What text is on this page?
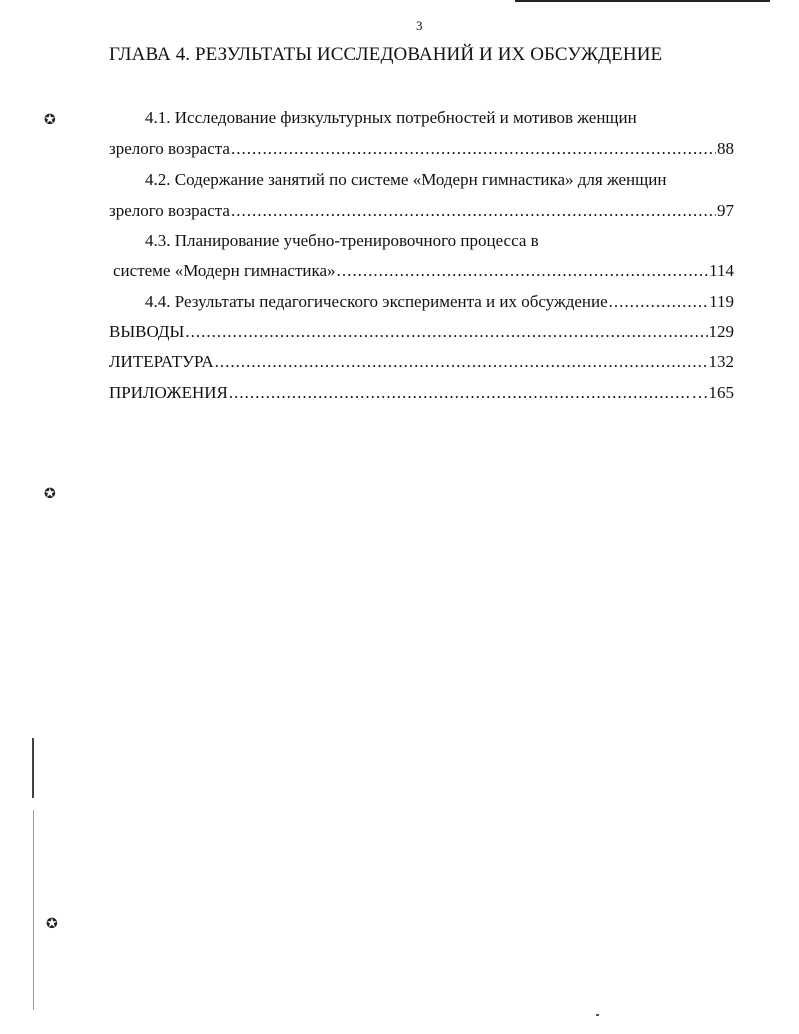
3
ГЛАВА 4. РЕЗУЛЬТАТЫ ИССЛЕДОВАНИЙ И ИХ ОБСУЖДЕНИЕ
4.1. Исследование физкультурных потребностей и мотивов женщин
зрелого возраста .....	88
4.2. Содержание занятий по системе «Модерн гимнастика» для женщин
зрелого возраста .....	97
4.3. Планирование учебно-тренировочного процесса в
системе «Модерн гимнастика» .....	114
4.4. Результаты педагогического эксперимента и их обсуждение .....	119
ВЫВОДЫ .....	129
ЛИТЕРАТУРА .....	132
ПРИЛОЖЕНИЯ .....	…165
✪
✪
✪
